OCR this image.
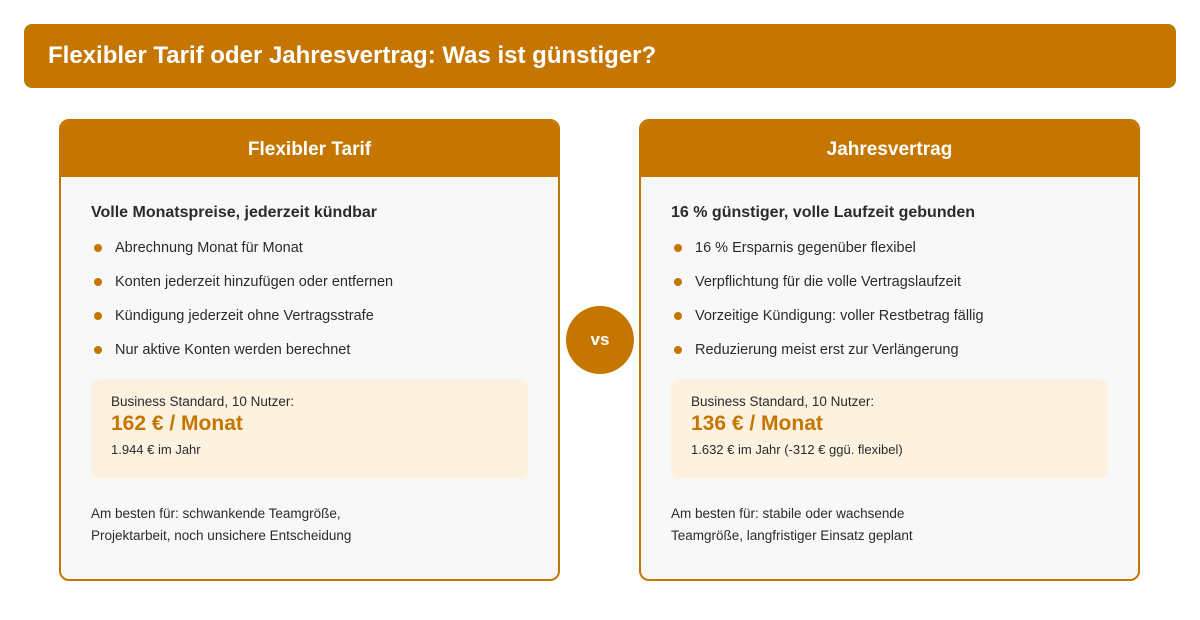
Flexibler Tarif oder Jahresvertrag: Was ist günstiger?
Flexibler Tarif
Volle Monatspreise, jederzeit kündbar
Abrechnung Monat für Monat
Konten jederzeit hinzufügen oder entfernen
Kündigung jederzeit ohne Vertragsstrafe
Nur aktive Konten werden berechnet
Business Standard, 10 Nutzer:
162 € / Monat
1.944 € im Jahr
Am besten für: schwankende Teamgröße, Projektarbeit, noch unsichere Entscheidung
vs
Jahresvertrag
16 % günstiger, volle Laufzeit gebunden
16 % Ersparnis gegenüber flexibel
Verpflichtung für die volle Vertragslaufzeit
Vorzeitige Kündigung: voller Restbetrag fällig
Reduzierung meist erst zur Verlängerung
Business Standard, 10 Nutzer:
136 € / Monat
1.632 € im Jahr (-312 € ggü. flexibel)
Am besten für: stabile oder wachsende Teamgröße, langfristiger Einsatz geplant
